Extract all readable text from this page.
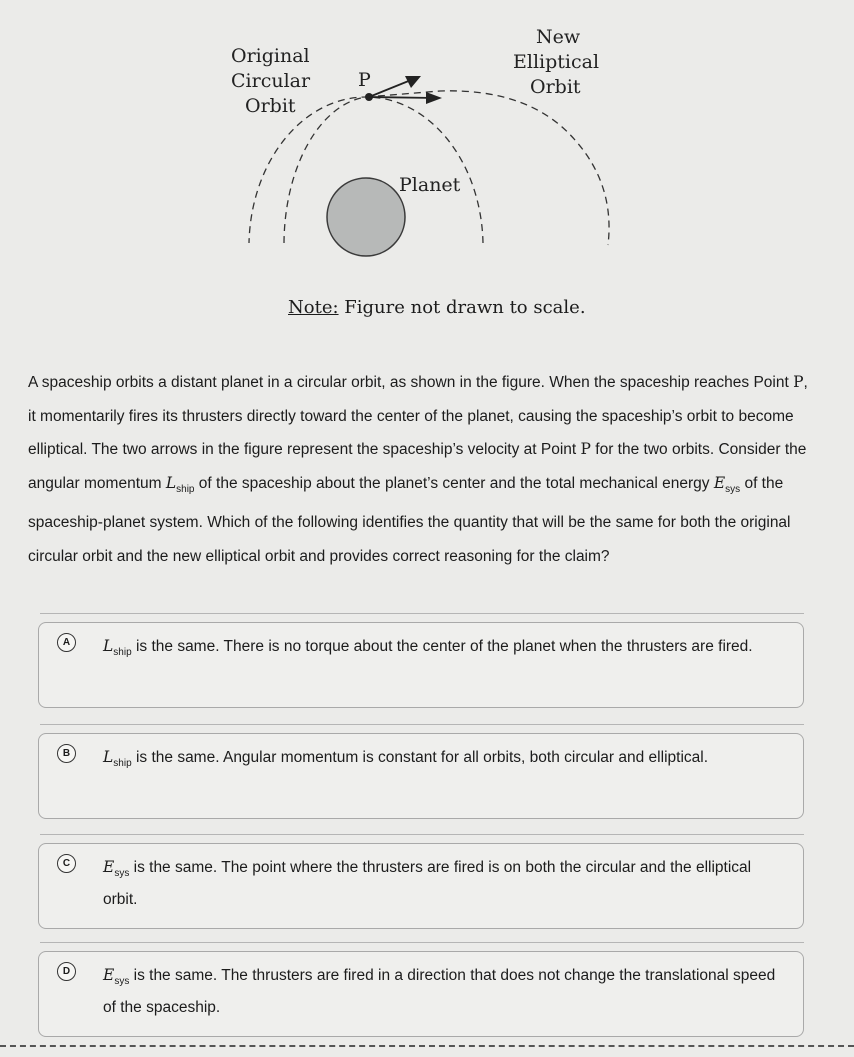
Original
Circular
Orbit
New
Elliptical
Orbit
P
Planet
Note: Figure not drawn to scale.
A spaceship orbits a distant planet in a circular orbit, as shown in the figure. When the spaceship reaches Point P, it momentarily fires its thrusters directly toward the center of the planet, causing the spaceship’s orbit to become elliptical. The two arrows in the figure represent the spaceship’s velocity at Point P for the two orbits. Consider the angular momentum $L_{ship}$ of the spaceship about the planet’s center and the total mechanical energy $E_{sys}$ of the spaceship-planet system. Which of the following identifies the quantity that will be the same for both the original circular orbit and the new elliptical orbit and provides correct reasoning for the claim?
A	$L_{ship}$ is the same. There is no torque about the center of the planet when the thrusters are fired.
B	$L_{ship}$ is the same. Angular momentum is constant for all orbits, both circular and elliptical.
C	$E_{sys}$ is the same. The point where the thrusters are fired is on both the circular and the elliptical orbit.
D	$E_{sys}$ is the same. The thrusters are fired in a direction that does not change the translational speed of the spaceship.
